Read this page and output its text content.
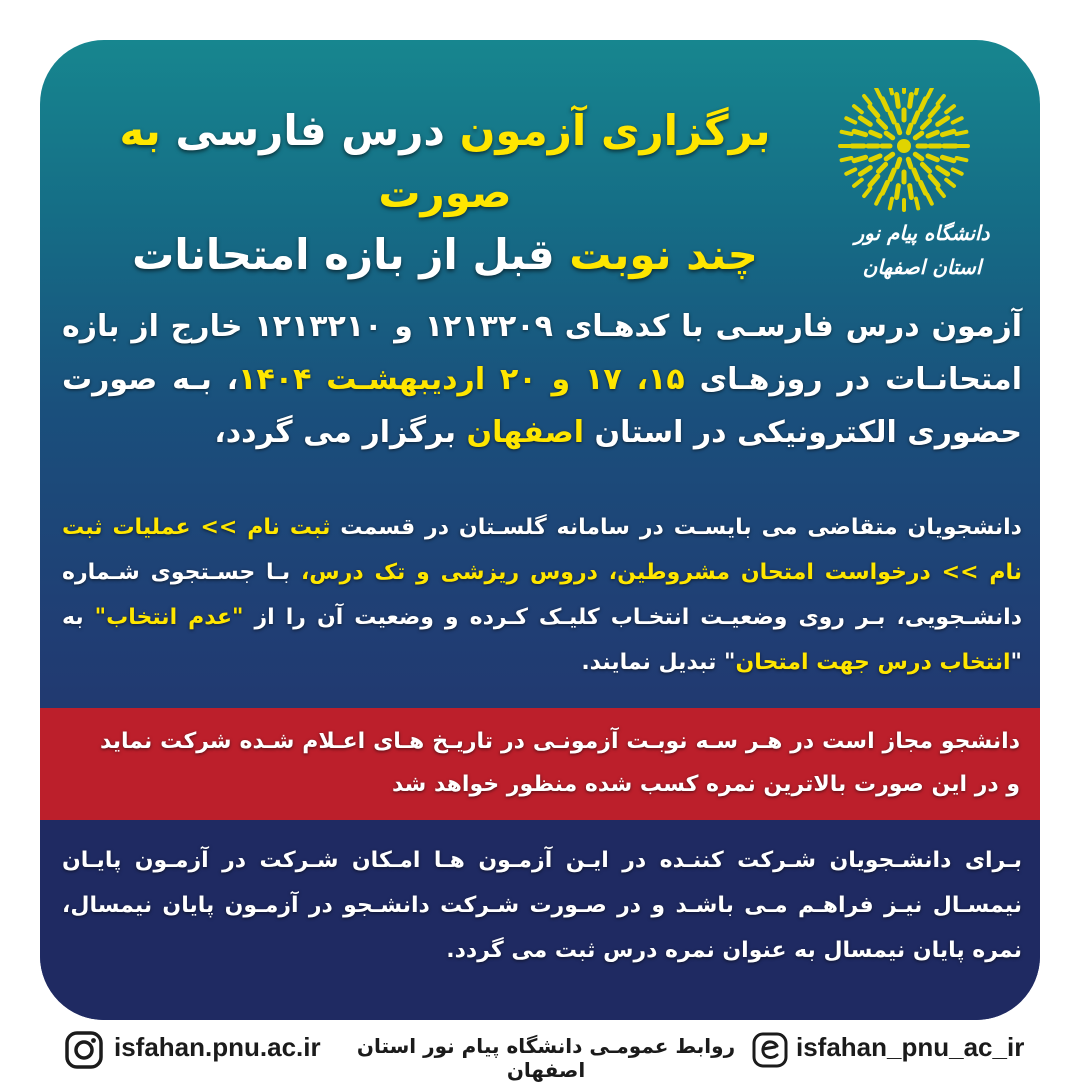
دانشگاه پیام نور
استان اصفهان
برگزاری آزمون درس فارسی به صورت
چند نوبت قبل از بازه امتحانات
آزمون درس فارسـی با کدهـای ۱۲۱۳۲۰۹ و ۱۲۱۳۲۱۰ خارج از بازه امتحانـات در روزهـای ۱۵، ۱۷ و ۲۰ اردیبهشـت ۱۴۰۴، بـه صورت حضوری الکترونیکی در استان اصفهان برگزار می گردد،
دانشجویان متقاضی می بایسـت در سامانه گلسـتان در قسمت ثبت نام >> عملیات ثبت نام >> درخواست امتحان مشروطین، دروس ریزشی و تک درس، بـا جسـتجوی شـماره دانشـجویی، بـر روی وضعیـت انتخـاب کلیـک کـرده و وضعیت آن را از "عدم انتخاب" به "انتخاب درس جهت امتحان" تبدیل نمایند.
دانشجو مجاز است در هـر سـه نوبـت آزمونـی در تاریـخ هـای اعـلام شـده شرکت نماید و در این صورت بالاترین نمره کسب شده منظور خواهد شد
بـرای دانشـجویان شـرکت کننـده در ایـن آزمـون هـا امـکان شـرکت در آزمـون پایـان نیمسـال نیـز فراهـم مـی باشـد و در صـورت شـرکت دانشـجو در آزمـون پایان نیمسال، نمره پایان نیمسال به عنوان نمره درس ثبت می گردد.
isfahan.pnu.ac.ir روابط عمومـی دانشگاه پیام نور استان اصفهان
isfahan_pnu_ac_ir
